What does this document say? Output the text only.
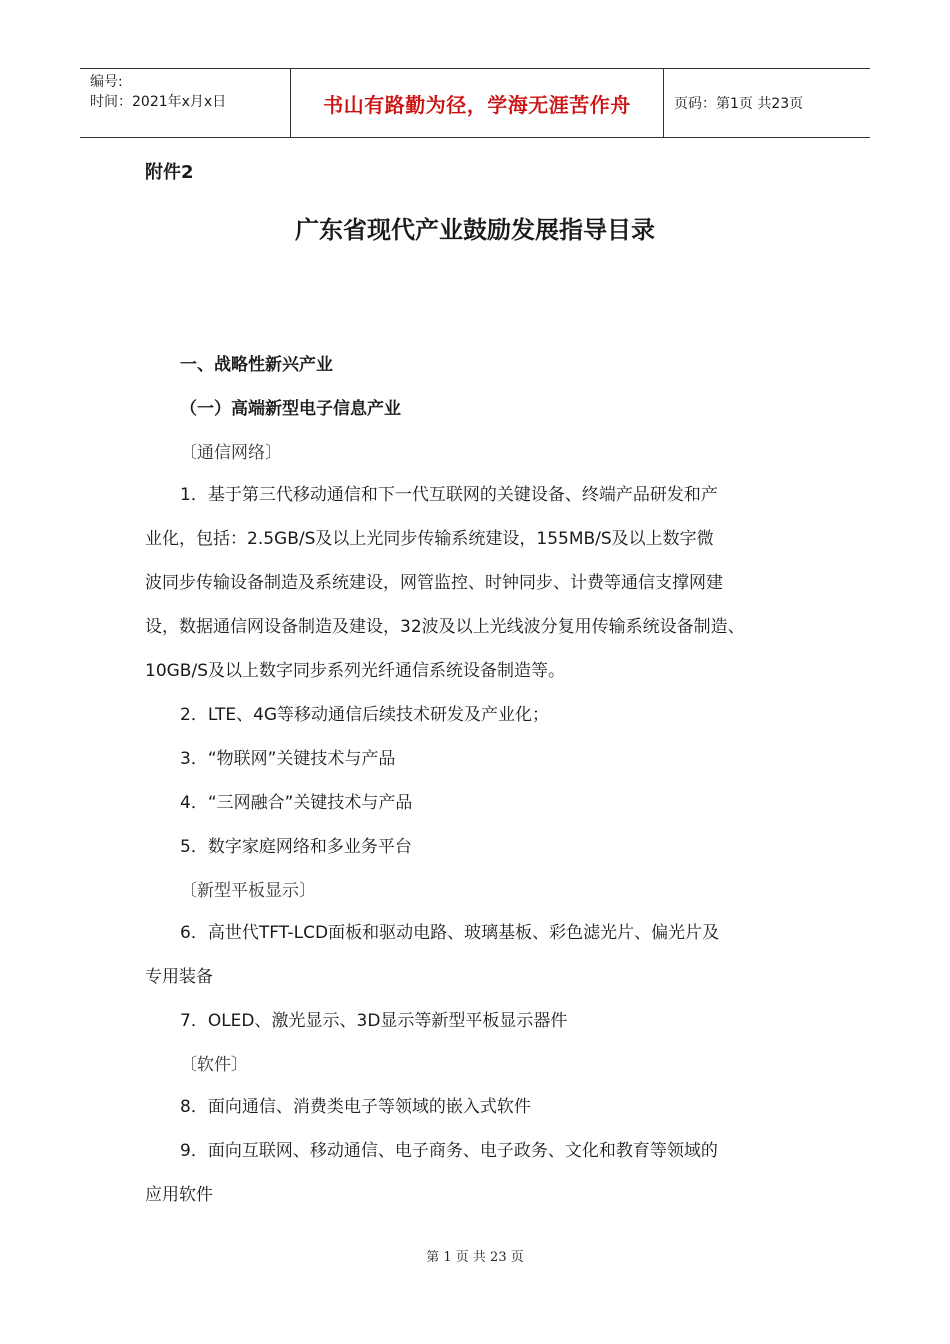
编号:
时间：2021年x月x日	书山有路勤为径，学海无涯苦作舟	页码：第1页 共23页
附件2
广东省现代产业鼓励发展指导目录
一、战略性新兴产业
（一）高端新型电子信息产业
〔通信网络〕
1．基于第三代移动通信和下一代互联网的关键设备、终端产品研发和产
业化，包括：2.5GB/S及以上光同步传输系统建设，155MB/S及以上数字微
波同步传输设备制造及系统建设，网管监控、时钟同步、计费等通信支撑网建
设，数据通信网设备制造及建设，32波及以上光线波分复用传输系统设备制造、
10GB/S及以上数字同步系列光纤通信系统设备制造等。
2．LTE、4G等移动通信后续技术研发及产业化；
3．“物联网”关键技术与产品
4．“三网融合”关键技术与产品
5．数字家庭网络和多业务平台
〔新型平板显示〕
6．高世代TFT-LCD面板和驱动电路、玻璃基板、彩色滤光片、偏光片及
专用装备
7．OLED、激光显示、3D显示等新型平板显示器件
〔软件〕
8．面向通信、消费类电子等领域的嵌入式软件
9．面向互联网、移动通信、电子商务、电子政务、文化和教育等领域的
应用软件
第 1 页 共 23 页
